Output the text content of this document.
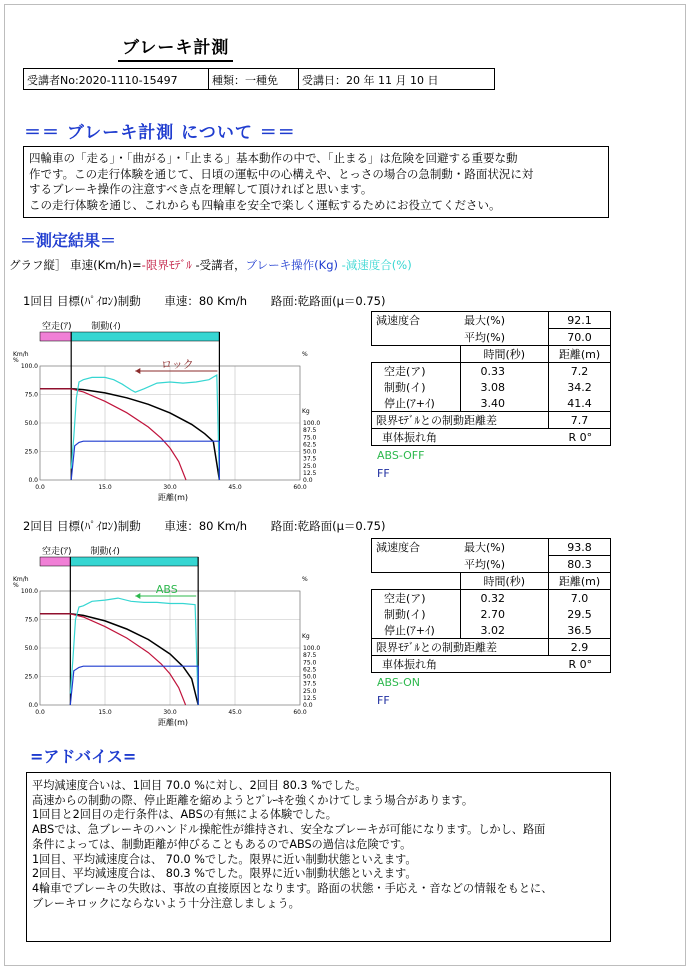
ブレーキ計測
受講者No:2020-1110-15497	種類：一種免	受講日：20 年 11 月 10 日
＝＝ ブレーキ計測 について ＝＝
四輪車の「走る」・「曲がる」・「止まる」基本動作の中で、「止まる」は危険を回避する重要な動
作です。この走行体験を通じて、日頃の運転中の心構えや、とっさの場合の急制動・路面状況に対
するブレーキ操作の注意すべき点を理解して頂ければと思います。
この走行体験を通じ、これからも四輪車を安全で楽しく運転するためにお役立てください。
＝測定結果＝
グラフ縦］ 車速(Km/h)=-限界ﾓﾃﾞﾙ -受講者，ブレーキ操作(Kg) -減速度合(%)
1回目 目標(ﾊﾟｲﾛﾝ)制動 車速：80 Km/h 路面:乾路面(μ＝0.75)
空走(ｱ) 制動(ｲ)
Km/h
%
%
Kg
0.0	15.0	30.0	45.0	60.0
100.0
75.0
50.0
25.0
0.0
100.0
87.5
75.0
62.5
50.0
37.5
25.0
12.5
0.0
距離(m)
ロック
減速度合	最大(%)	92.1
	平均(%)	70.0
	時間(秒)	距離(m)
空走(ア)	0.33	7.2
制動(イ)	3.08	34.2
停止(ｱ+ｲ)	3.40	41.4
限界ﾓﾃﾞﾙとの制動距離差		7.7
車体振れ角		R 0°
ABS-OFF
FF
2回目 目標(ﾊﾟｲﾛﾝ)制動 車速：80 Km/h 路面:乾路面(μ＝0.75)
空走(ｱ) 制動(ｲ)
Km/h
%
%
Kg
0.0	15.0	30.0	45.0	60.0
100.0
75.0
50.0
25.0
0.0
100.0
87.5
75.0
62.5
50.0
37.5
25.0
12.5
0.0
距離(m)
ABS
減速度合	最大(%)	93.8
	平均(%)	80.3
	時間(秒)	距離(m)
空走(ア)	0.32	7.0
制動(イ)	2.70	29.5
停止(ｱ+ｲ)	3.02	36.5
限界ﾓﾃﾞﾙとの制動距離差		2.9
車体振れ角		R 0°
ABS-ON
FF
=アドバイス=
平均減速度合いは、1回目 70.0 %に対し、2回目 80.3 %でした。
高速からの制動の際、停止距離を縮めようとﾌﾞﾚｰｷを強くかけてしまう場合があります。
1回目と2回目の走行条件は、ABSの有無による体験でした。
ABSでは、急ブレーキのハンドル操舵性が維持され、安全なブレーキが可能になります。しかし、路面
条件によっては、制動距離が伸びることもあるのでABSの過信は危険です。
1回目、平均減速度合は、 70.0 %でした。限界に近い制動状態といえます。
2回目、平均減速度合は、 80.3 %でした。限界に近い制動状態といえます。
4輪車でブレーキの失敗は、事故の直接原因となります。路面の状態・手応え・音などの情報をもとに、
ブレーキロックにならないよう十分注意しましょう。
